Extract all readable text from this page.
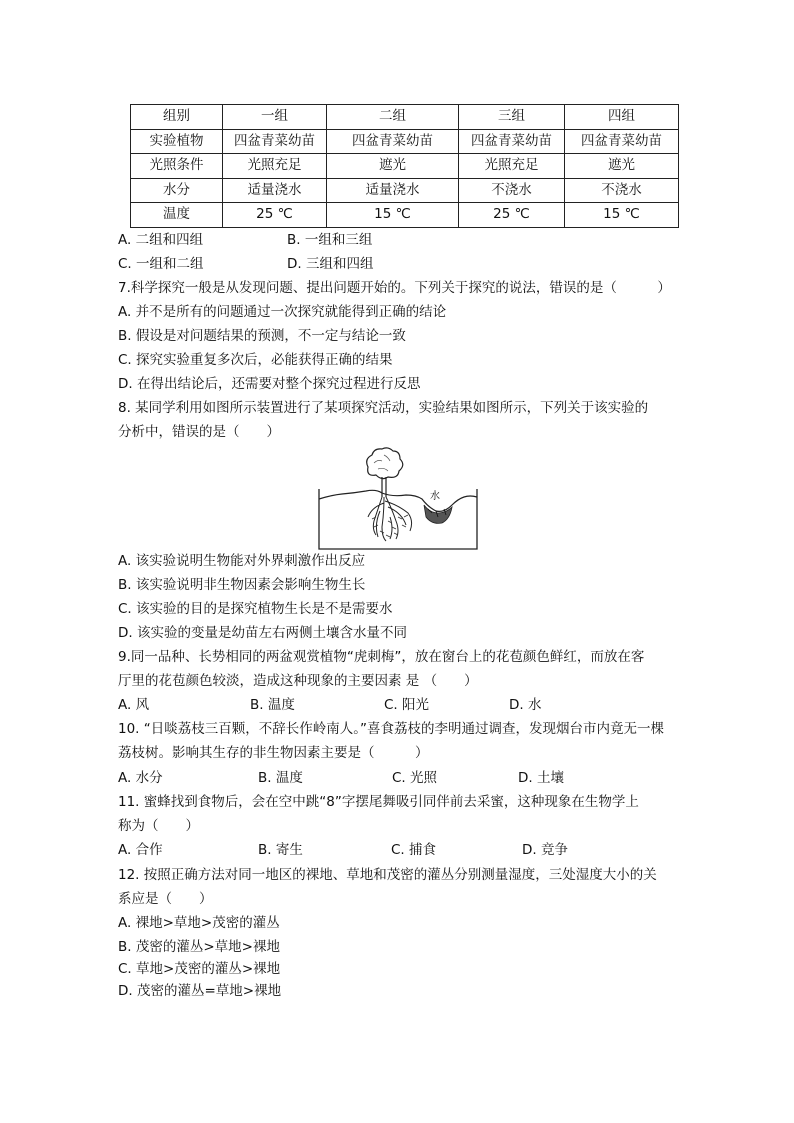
组别	一组	二组	三组	四组
实验植物	四盆青菜幼苗	四盆青菜幼苗	四盆青菜幼苗	四盆青菜幼苗
光照条件	光照充足	遮光	光照充足	遮光
水分	适量浇水	适量浇水	不浇水	不浇水
温度	25 ℃	15 ℃	25 ℃	15 ℃
A. 二组和四组	B. 一组和三组
C. 一组和二组	D. 三组和四组
7.科学探究一般是从发现问题、提出问题开始的。下列关于探究的说法，错误的是（　　　）
A. 并不是所有的问题通过一次探究就能得到正确的结论
B. 假设是对问题结果的预测，不一定与结论一致
C. 探究实验重复多次后，必能获得正确的结果
D. 在得出结论后，还需要对整个探究过程进行反思
8. 某同学利用如图所示装置进行了某项探究活动，实验结果如图所示，下列关于该实验的
分析中，错误的是（　　）
水
A. 该实验说明生物能对外界刺激作出反应
B. 该实验说明非生物因素会影响生物生长
C. 该实验的目的是探究植物生长是不是需要水
D. 该实验的变量是幼苗左右两侧土壤含水量不同
9.同一品种、长势相同的两盆观赏植物“虎刺梅”，放在窗台上的花苞颜色鲜红，而放在客
厅里的花苞颜色较淡，造成这种现象的主要因素 是 （　　）
A. 风	B. 温度	C. 阳光	D. 水
10. “日啖荔枝三百颗，不辞长作岭南人。”喜食荔枝的李明通过调查，发现烟台市内竟无一棵
荔枝树。影响其生存的非生物因素主要是（　　　）
A. 水分	B. 温度	C. 光照	D. 土壤
11. 蜜蜂找到食物后，会在空中跳“8”字摆尾舞吸引同伴前去采蜜，这种现象在生物学上
称为（　　）
A. 合作	B. 寄生	C. 捕食	D. 竞争
12. 按照正确方法对同一地区的裸地、草地和茂密的灌丛分别测量湿度，三处湿度大小的关
系应是（　　）
A. 裸地>草地>茂密的灌丛
B. 茂密的灌丛>草地>裸地
C. 草地>茂密的灌丛>裸地
D. 茂密的灌丛=草地>裸地
